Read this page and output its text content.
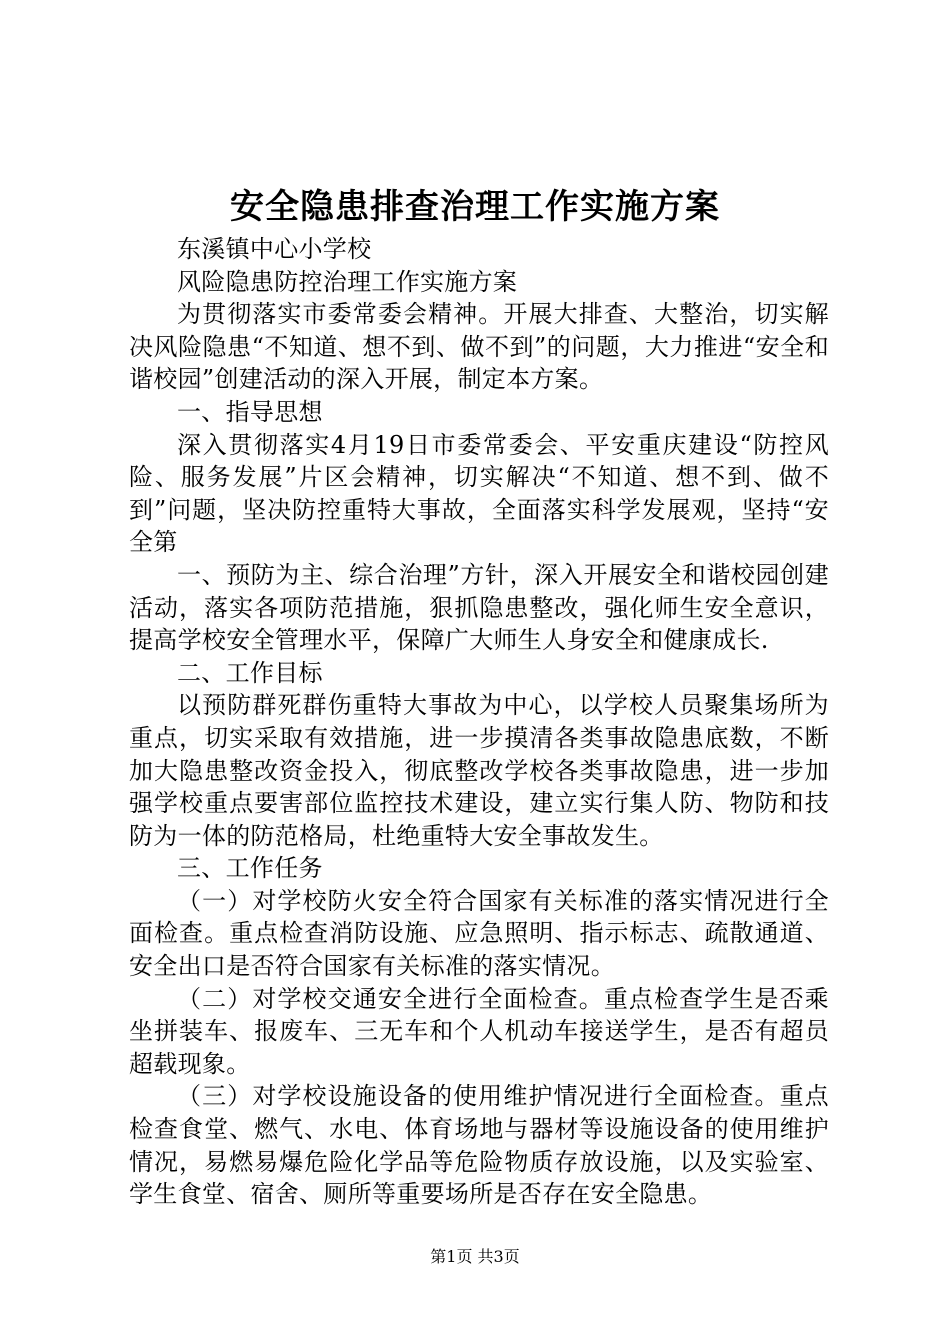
安全隐患排查治理工作实施方案

东溪镇中心小学校

风险隐患防控治理工作实施方案

为贯彻落实市委常委会精神。开展大排查、大整治，切实解决风险隐患“不知道、想不到、做不到”的问题，大力推进“安全和谐校园”创建活动的深入开展，制定本方案。

一、指导思想

深入贯彻落实4月19日市委常委会、平安重庆建设“防控风险、服务发展”片区会精神，切实解决“不知道、想不到、做不到”问题，坚决防控重特大事故，全面落实科学发展观，坚持“安全第

一、预防为主、综合治理”方针，深入开展安全和谐校园创建活动，落实各项防范措施，狠抓隐患整改，强化师生安全意识，提高学校安全管理水平，保障广大师生人身安全和健康成长.

二、工作目标

以预防群死群伤重特大事故为中心，以学校人员聚集场所为重点，切实采取有效措施，进一步摸清各类事故隐患底数，不断加大隐患整改资金投入，彻底整改学校各类事故隐患，进一步加强学校重点要害部位监控技术建设，建立实行集人防、物防和技防为一体的防范格局，杜绝重特大安全事故发生。

三、工作任务

（一）对学校防火安全符合国家有关标准的落实情况进行全面检查。重点检查消防设施、应急照明、指示标志、疏散通道、安全出口是否符合国家有关标准的落实情况。

（二）对学校交通安全进行全面检查。重点检查学生是否乘坐拼装车、报废车、三无车和个人机动车接送学生，是否有超员超载现象。

（三）对学校设施设备的使用维护情况进行全面检查。重点检查食堂、燃气、水电、体育场地与器材等设施设备的使用维护情况，易燃易爆危险化学品等危险物质存放设施，以及实验室、学生食堂、宿舍、厕所等重要场所是否存在安全隐患。

第1页 共3页
